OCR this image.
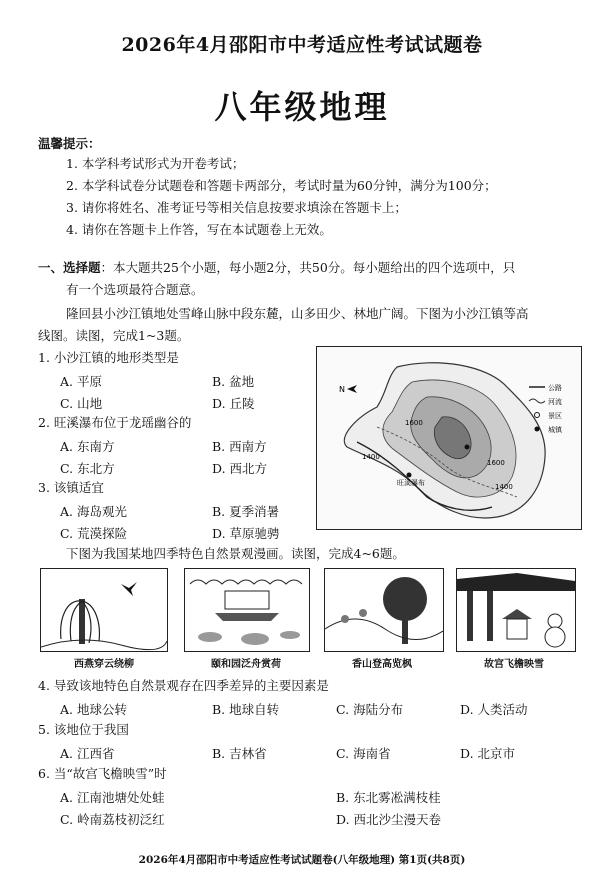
2026年4月邵阳市中考适应性考试试题卷
八年级地理
温馨提示：
1. 本学科考试形式为开卷考试；
2. 本学科试卷分试题卷和答题卡两部分，考试时量为60分钟，满分为100分；
3. 请你将姓名、准考证号等相关信息按要求填涂在答题卡上；
4. 请你在答题卡上作答，写在本试题卷上无效。
一、选择题：本大题共25个小题，每小题2分，共50分。每小题给出的四个选项中，只
有一个选项最符合题意。
隆回县小沙江镇地处雪峰山脉中段东麓，山多田少、林地广阔。下图为小沙江镇等高
线图。读图，完成1~3题。
1. 小沙江镇的地形类型是
A. 平原	B. 盆地
C. 山地	D. 丘陵
2. 旺溪瀑布位于龙瑶幽谷的
A. 东南方	B. 西南方
C. 东北方	D. 西北方
3. 该镇适宜
A. 海岛观光	B. 夏季消暑
C. 荒漠探险	D. 草原驰骋
N
1600
1400
1600
1400
旺溪瀑布
公路
河流
景区
城镇
下图为我国某地四季特色自然景观漫画。读图，完成4~6题。
西燕穿云绕柳	颐和园泛舟赏荷	香山登高览枫	故宫飞檐映雪
4. 导致该地特色自然景观存在四季差异的主要因素是
A. 地球公转	B. 地球自转	C. 海陆分布	D. 人类活动
5. 该地位于我国
A. 江西省	B. 吉林省	C. 海南省	D. 北京市
6. 当“故宫飞檐映雪”时
A. 江南池塘处处蛙	B. 东北雾凇满枝桂
C. 岭南荔枝初泛红	D. 西北沙尘漫天卷
2026年4月邵阳市中考适应性考试试题卷(八年级地理) 第1页(共8页)
